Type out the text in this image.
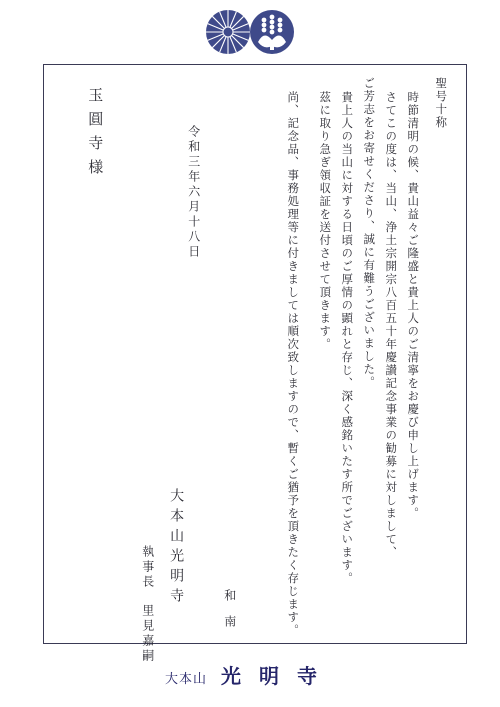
聖号十称
時節清明の候、貴山益々ご隆盛と貴上人のご清寧をお慶び申し上げます。
さてこの度は、当山、浄土宗開宗八百五十年慶讃記念事業の勧募に対しまして、
ご芳志をお寄せくださり、誠に有難うございました。
貴上人の当山に対する日頃のご厚情の顕れと存じ、深く感銘いたす所でございます。
茲に取り急ぎ領収証を送付させて頂きます。
尚、記念品、事務処理等に付きましては順次致しますので、暫くご猶予を頂きたく存じます。
和南
令和三年六月十八日
大本山光明寺
執事長
里見嘉嗣
玉圓寺様
大本山 光明寺
